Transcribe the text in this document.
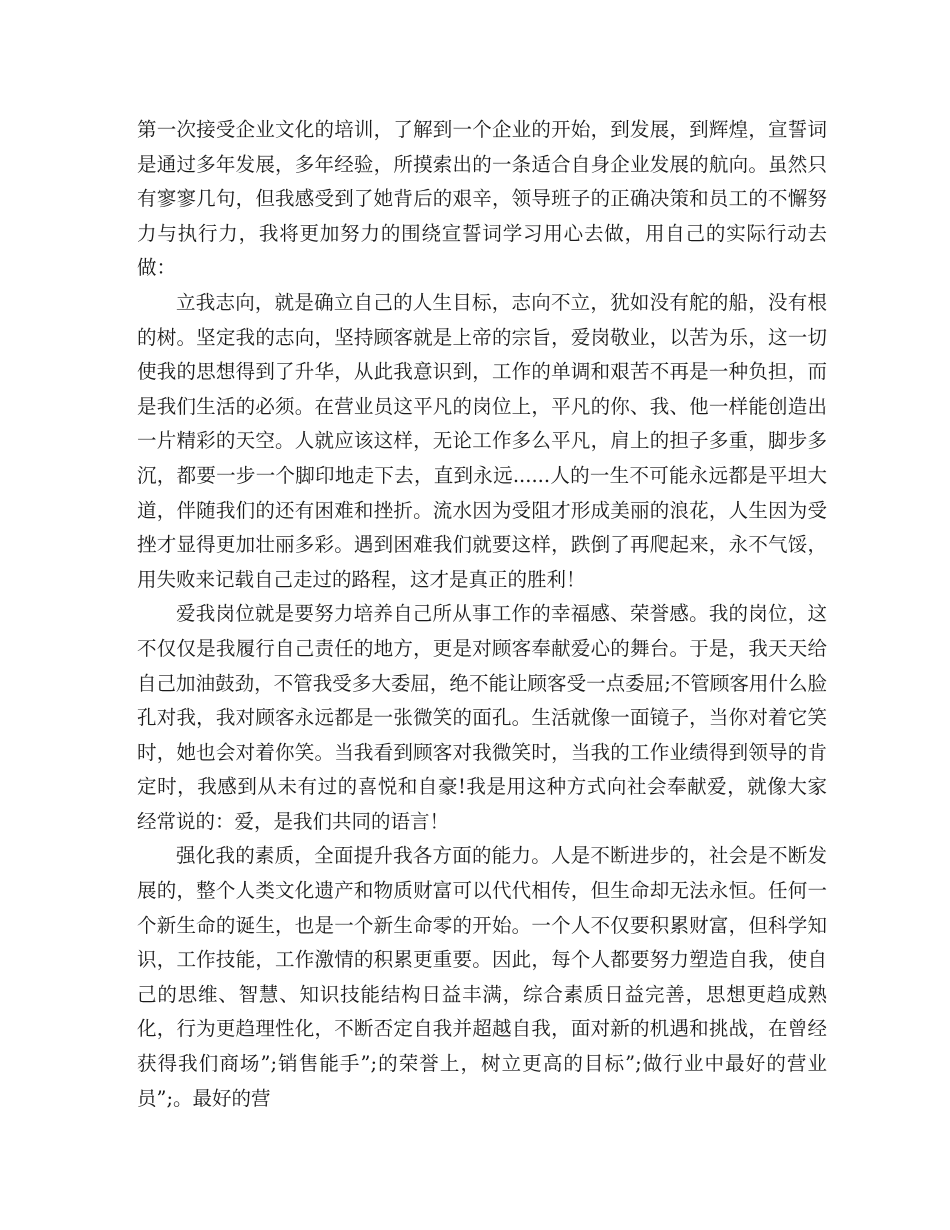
第一次接受企业文化的培训，了解到一个企业的开始，到发展，到辉煌，宣誓词是通过多年发展，多年经验，所摸索出的一条适合自身企业发展的航向。虽然只有寥寥几句，但我感受到了她背后的艰辛，领导班子的正确决策和员工的不懈努力与执行力，我将更加努力的围绕宣誓词学习用心去做，用自己的实际行动去做：

立我志向，就是确立自己的人生目标，志向不立，犹如没有舵的船，没有根的树。坚定我的志向，坚持顾客就是上帝的宗旨，爱岗敬业，以苦为乐，这一切使我的思想得到了升华，从此我意识到，工作的单调和艰苦不再是一种负担，而是我们生活的必须。在营业员这平凡的岗位上，平凡的你、我、他一样能创造出一片精彩的天空。人就应该这样，无论工作多么平凡，肩上的担子多重，脚步多沉，都要一步一个脚印地走下去，直到永远......人的一生不可能永远都是平坦大道，伴随我们的还有困难和挫折。流水因为受阻才形成美丽的浪花，人生因为受挫才显得更加壮丽多彩。遇到困难我们就要这样，跌倒了再爬起来，永不气馁，用失败来记载自己走过的路程，这才是真正的胜利！

爱我岗位就是要努力培养自己所从事工作的幸福感、荣誉感。我的岗位，这不仅仅是我履行自己责任的地方，更是对顾客奉献爱心的舞台。于是，我天天给自己加油鼓劲，不管我受多大委屈，绝不能让顾客受一点委屈;不管顾客用什么脸孔对我，我对顾客永远都是一张微笑的面孔。生活就像一面镜子，当你对着它笑时，她也会对着你笑。当我看到顾客对我微笑时，当我的工作业绩得到领导的肯定时，我感到从未有过的喜悦和自豪!我是用这种方式向社会奉献爱，就像大家经常说的：爱，是我们共同的语言！

强化我的素质，全面提升我各方面的能力。人是不断进步的，社会是不断发展的，整个人类文化遗产和物质财富可以代代相传，但生命却无法永恒。任何一个新生命的诞生，也是一个新生命零的开始。一个人不仅要积累财富，但科学知识，工作技能，工作激情的积累更重要。因此，每个人都要努力塑造自我，使自己的思维、智慧、知识技能结构日益丰满，综合素质日益完善，思想更趋成熟化，行为更趋理性化，不断否定自我并超越自我，面对新的机遇和挑战，在曾经获得我们商场”;销售能手”;的荣誉上，树立更高的目标”;做行业中最好的营业员”;。最好的营
